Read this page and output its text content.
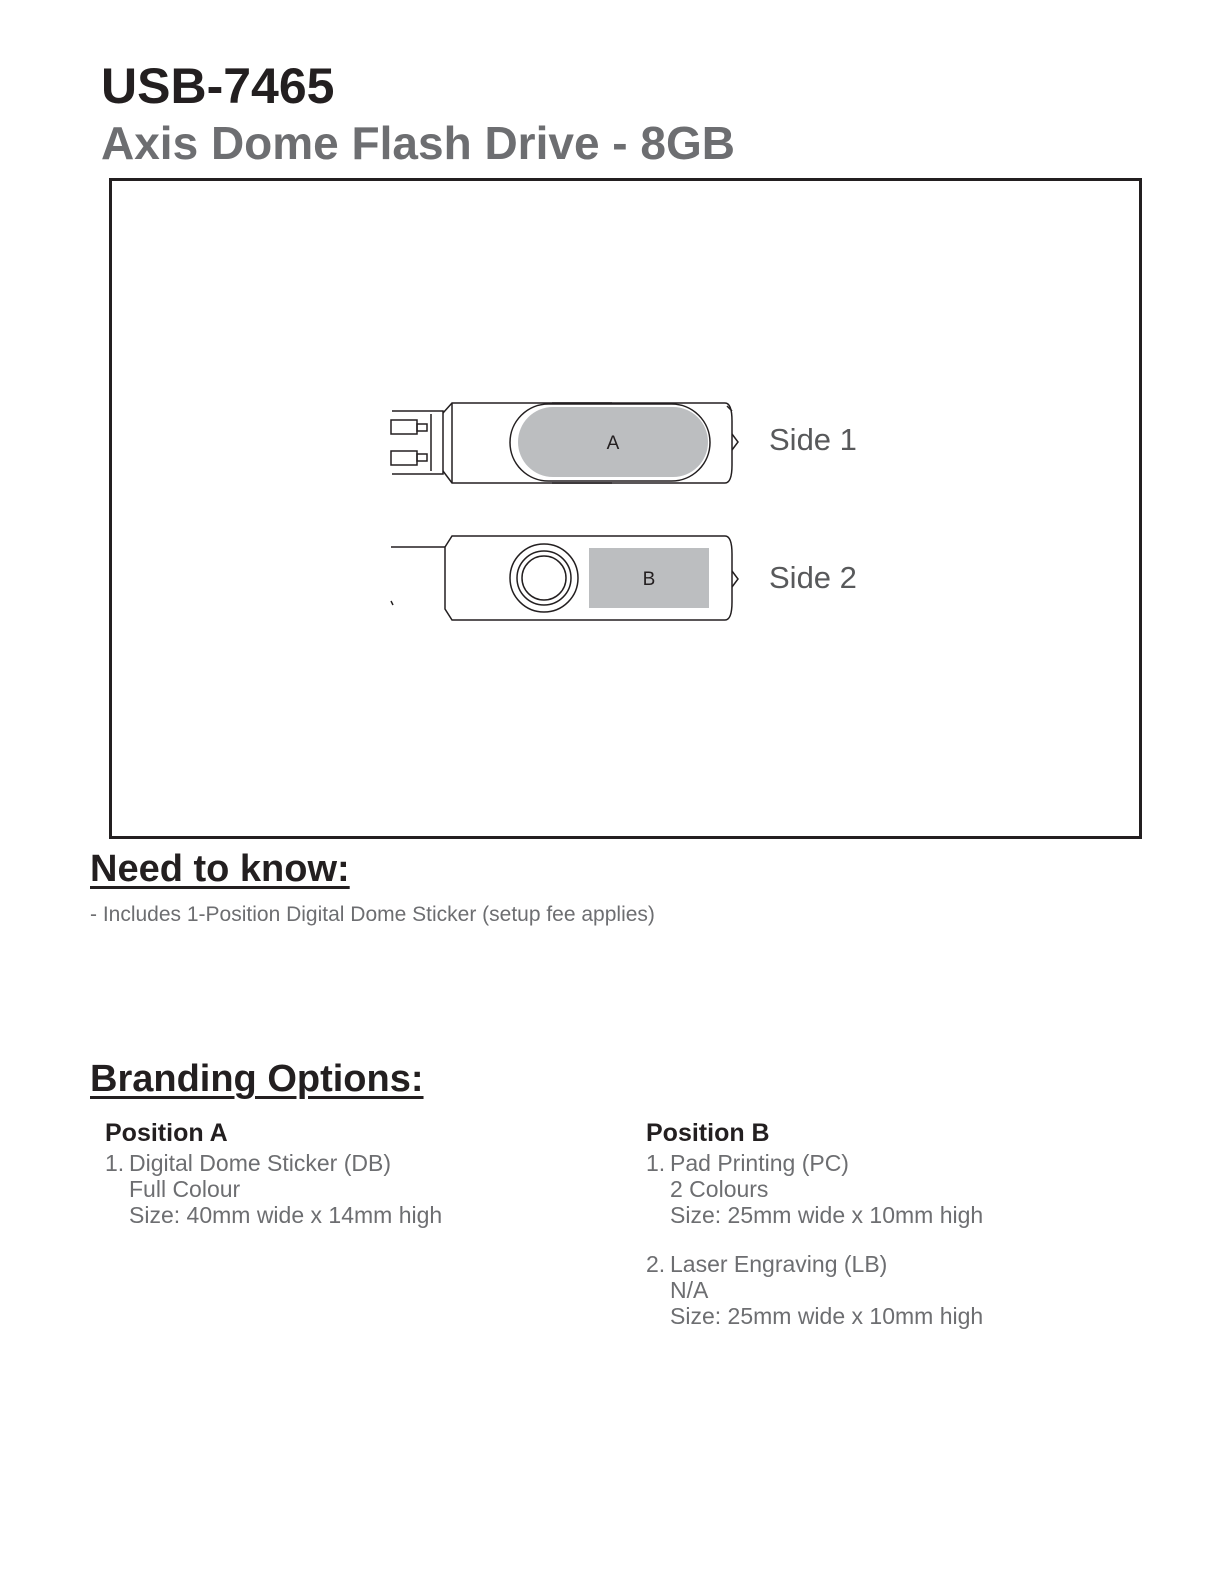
USB-7465
Axis Dome Flash Drive - 8GB
A
B
Side 1
Side 2
Need to know:
- Includes 1-Position Digital Dome Sticker (setup fee applies)
Branding Options:
Position A
1. Digital Dome Sticker (DB)
Full Colour
Size: 40mm wide x 14mm high
Position B
1. Pad Printing (PC)
2 Colours
Size: 25mm wide x 10mm high
2. Laser Engraving (LB)
N/A
Size: 25mm wide x 10mm high
